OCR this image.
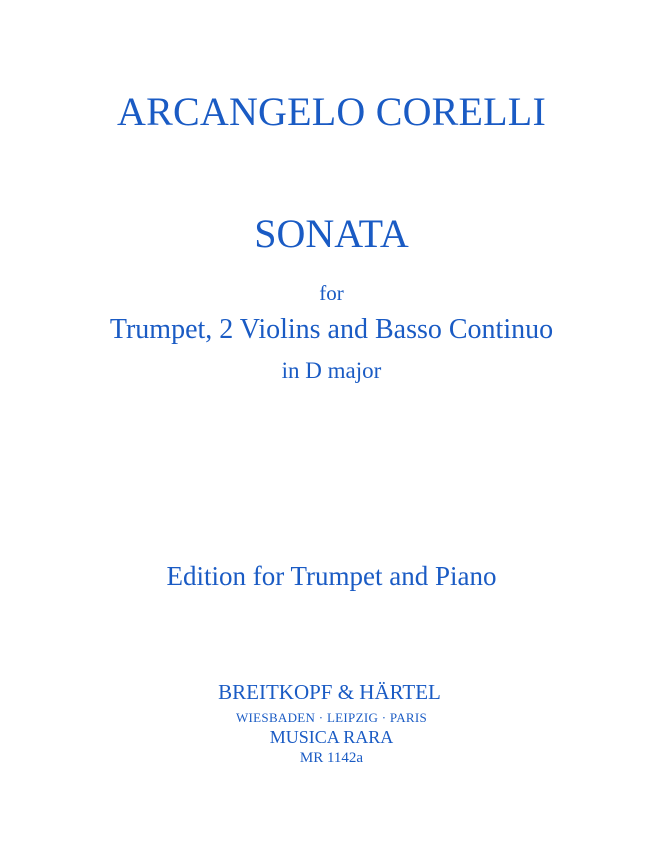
ARCANGELO CORELLI
SONATA
for
Trumpet, 2 Violins and Basso Continuo
in D major
Edition for Trumpet and Piano
BREITKOPF & HÄRTEL
WIESBADEN · LEIPZIG · PARIS
MUSICA RARA
MR 1142a
